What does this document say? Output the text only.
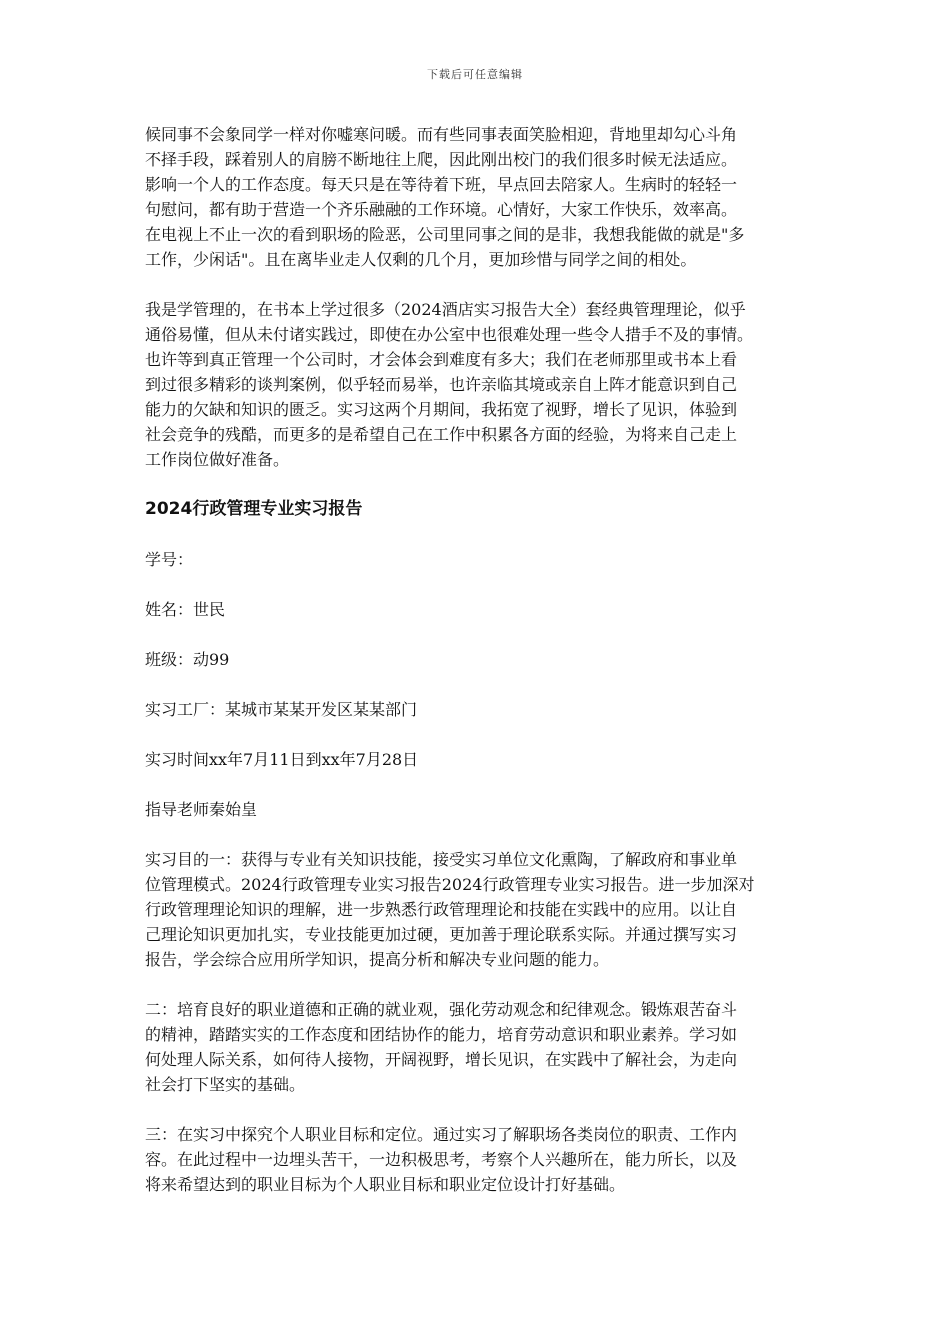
下载后可任意编辑
候同事不会象同学一样对你嘘寒问暖。而有些同事表面笑脸相迎，背地里却勾心斗角
不择手段，踩着别人的肩膀不断地往上爬，因此刚出校门的我们很多时候无法适应。
影响一个人的工作态度。每天只是在等待着下班，早点回去陪家人。生病时的轻轻一
句慰问，都有助于营造一个齐乐融融的工作环境。心情好，大家工作快乐，效率高。
在电视上不止一次的看到职场的险恶，公司里同事之间的是非，我想我能做的就是"多
工作，少闲话"。且在离毕业走人仅剩的几个月，更加珍惜与同学之间的相处。
我是学管理的，在书本上学过很多（2024酒店实习报告大全）套经典管理理论，似乎
通俗易懂，但从未付诸实践过，即使在办公室中也很难处理一些令人措手不及的事情。
也许等到真正管理一个公司时，才会体会到难度有多大；我们在老师那里或书本上看
到过很多精彩的谈判案例，似乎轻而易举，也许亲临其境或亲自上阵才能意识到自己
能力的欠缺和知识的匮乏。实习这两个月期间，我拓宽了视野，增长了见识，体验到
社会竞争的残酷，而更多的是希望自己在工作中积累各方面的经验，为将来自己走上
工作岗位做好准备。
2024行政管理专业实习报告
学号：
姓名：世民
班级：动99
实习工厂：某城市某某开发区某某部门
实习时间xx年7月11日到xx年7月28日
指导老师秦始皇
实习目的一：获得与专业有关知识技能，接受实习单位文化熏陶，了解政府和事业单
位管理模式。2024行政管理专业实习报告2024行政管理专业实习报告。进一步加深对
行政管理理论知识的理解，进一步熟悉行政管理理论和技能在实践中的应用。以让自
己理论知识更加扎实，专业技能更加过硬，更加善于理论联系实际。并通过撰写实习
报告，学会综合应用所学知识，提高分析和解决专业问题的能力。
二：培育良好的职业道德和正确的就业观，强化劳动观念和纪律观念。锻炼艰苦奋斗
的精神，踏踏实实的工作态度和团结协作的能力，培育劳动意识和职业素养。学习如
何处理人际关系，如何待人接物，开阔视野，增长见识，在实践中了解社会，为走向
社会打下坚实的基础。
三：在实习中探究个人职业目标和定位。通过实习了解职场各类岗位的职责、工作内
容。在此过程中一边埋头苦干，一边积极思考，考察个人兴趣所在，能力所长，以及
将来希望达到的职业目标为个人职业目标和职业定位设计打好基础。
